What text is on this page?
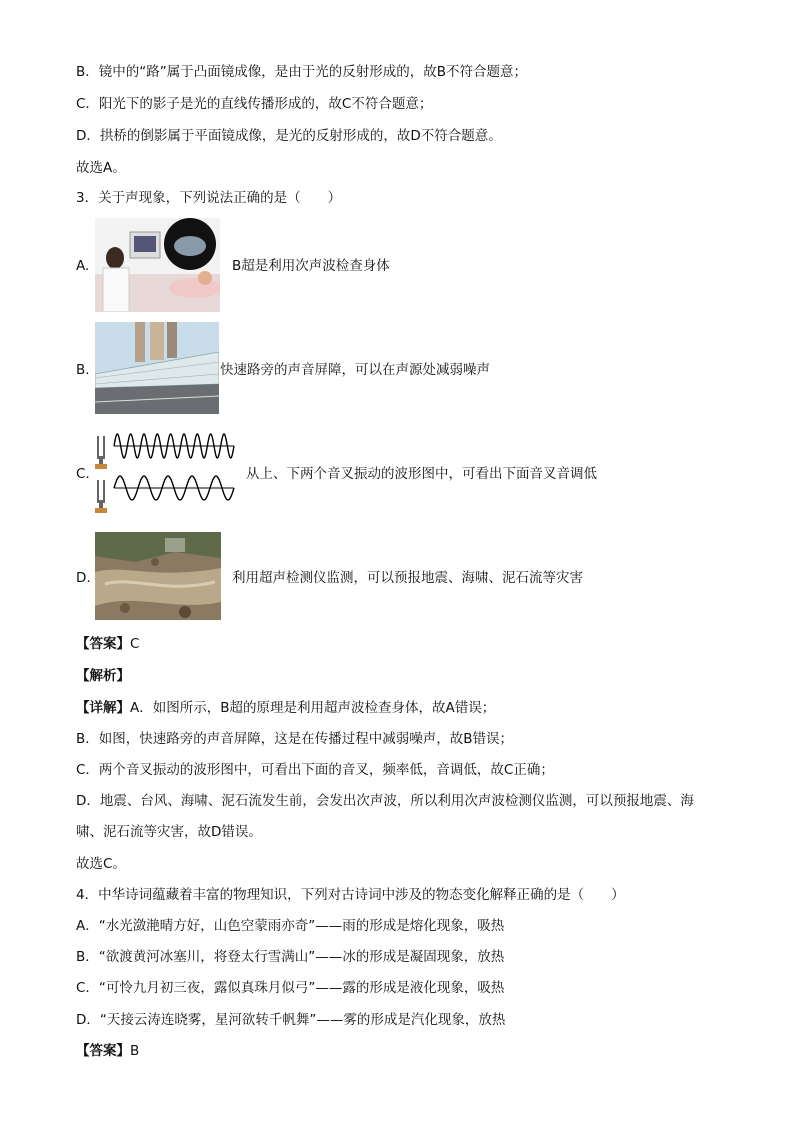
B．镜中的“路”属于凸面镜成像，是由于光的反射形成的，故B不符合题意；
C．阳光下的影子是光的直线传播形成的，故C不符合题意；
D．拱桥的倒影属于平面镜成像，是光的反射形成的，故D不符合题意。
故选A。
3．关于声现象，下列说法正确的是（　　）
A.	B超是利用次声波检查身体
B.	快速路旁的声音屏障，可以在声源处减弱噪声
C.	从上、下两个音叉振动的波形图中，可看出下面音叉音调低
D.	利用超声检测仪监测，可以预报地震、海啸、泥石流等灾害
【答案】C
【解析】
【详解】A．如图所示，B超的原理是利用超声波检查身体，故A错误；
B．如图，快速路旁的声音屏障，这是在传播过程中减弱噪声，故B错误；
C．两个音叉振动的波形图中，可看出下面的音叉，频率低，音调低，故C正确；
D．地震、台风、海啸、泥石流发生前，会发出次声波，所以利用次声波检测仪监测，可以预报地震、海
啸、泥石流等灾害，故D错误。
故选C。
4．中华诗词蕴藏着丰富的物理知识，下列对古诗词中涉及的物态变化解释正确的是（　　）
A．“水光潋滟晴方好，山色空蒙雨亦奇”——雨的形成是熔化现象，吸热
B．“欲渡黄河冰塞川，将登太行雪满山”——冰的形成是凝固现象，放热
C．“可怜九月初三夜，露似真珠月似弓”——露的形成是液化现象，吸热
D．“天接云涛连晓雾，星河欲转千帆舞”——雾的形成是汽化现象，放热
【答案】B
